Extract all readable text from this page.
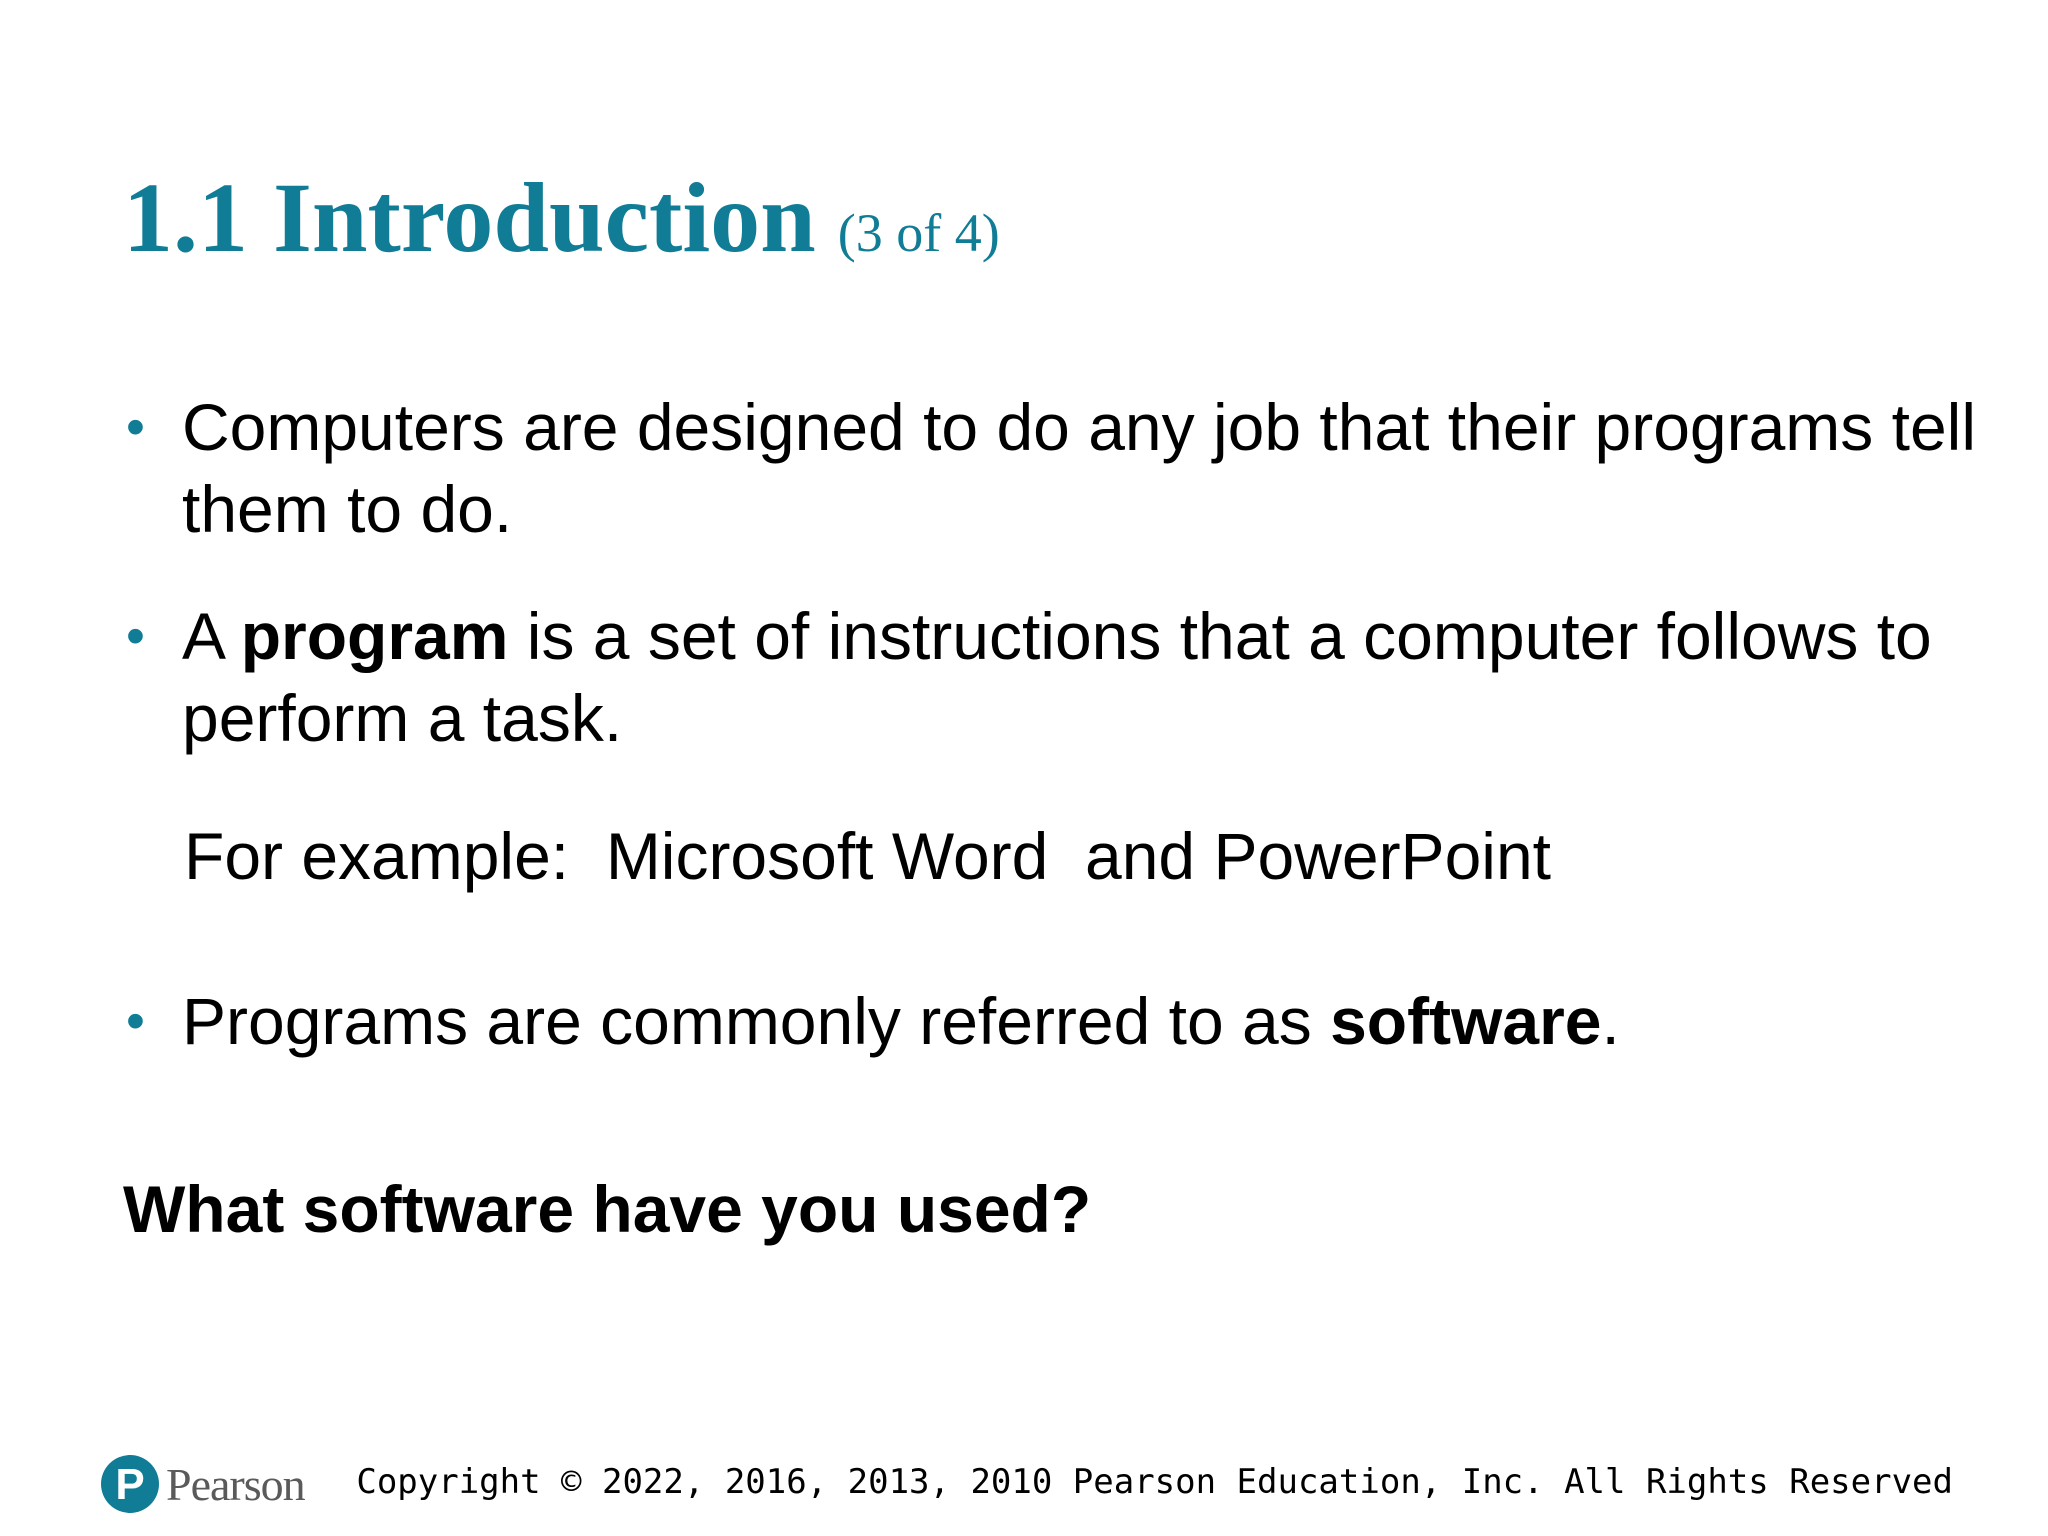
1.1 Introduction (3 of 4)
• Computers are designed to do any job that their programs tell them to do.
• A program is a set of instructions that a computer follows to perform a task.
For example:  Microsoft Word  and PowerPoint
• Programs are commonly referred to as software.
What software have you used?
P Pearson Copyright © 2022, 2016, 2013, 2010 Pearson Education, Inc. All Rights Reserved
